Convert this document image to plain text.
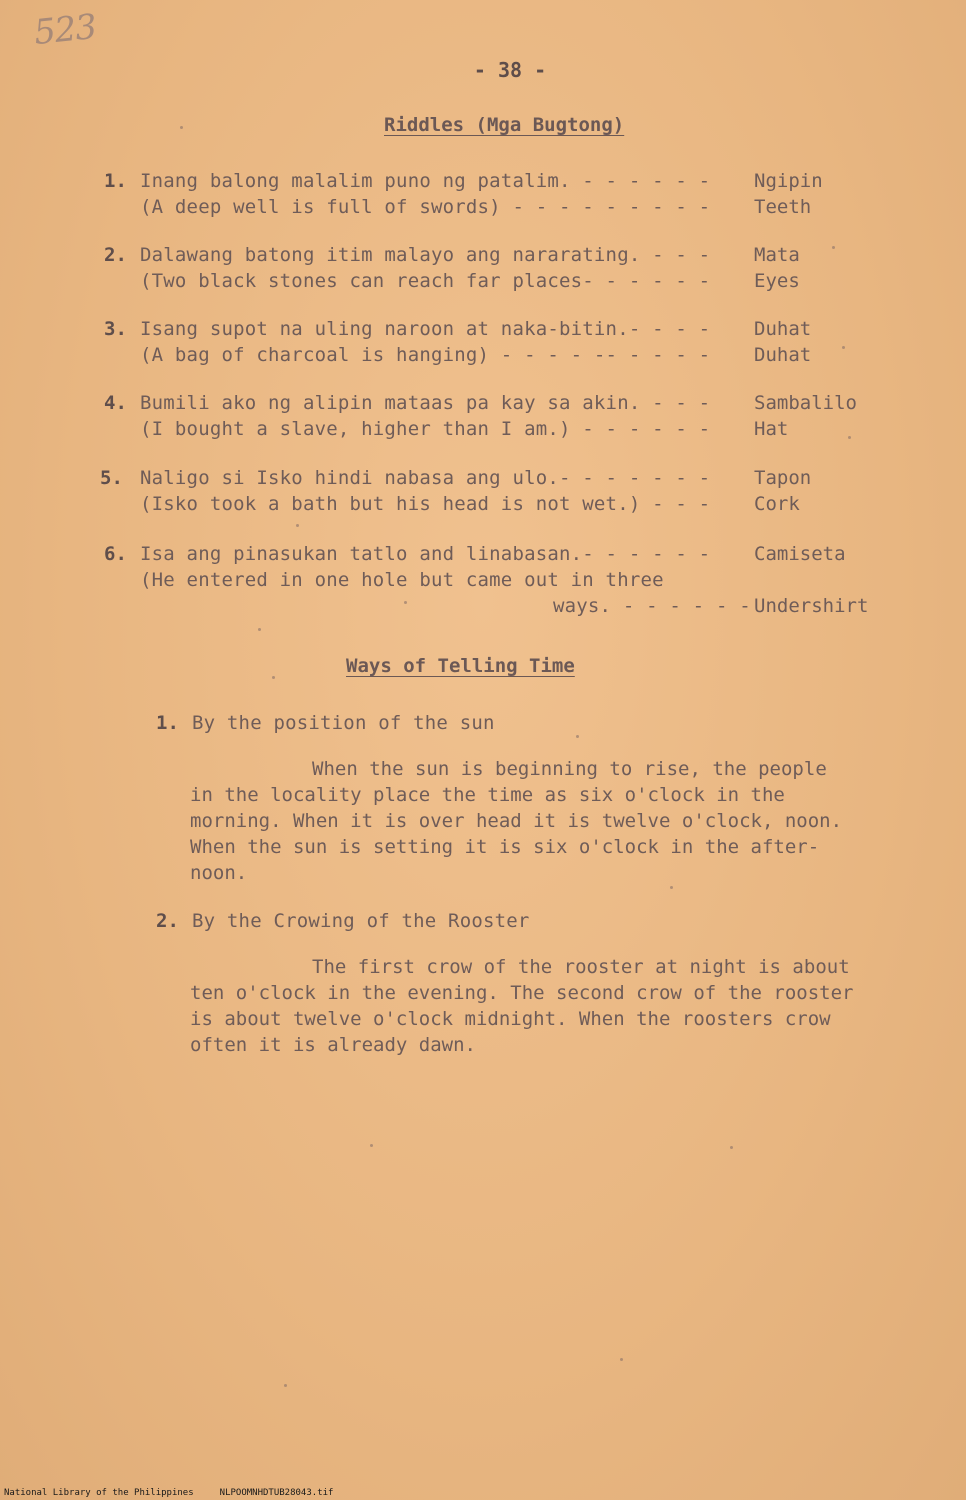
523
- 38 -
Riddles (Mga Bugtong)
1. Inang balong malalim puno ng patalim. - - - - - -
(A deep well is full of swords) - - - - - - - - -
Ngipin
Teeth
2. Dalawang batong itim malayo ang nararating. - - -
(Two black stones can reach far places- - - - - -
Mata
Eyes
3. Isang supot na uling naroon at naka-bitin.- - - -
(A bag of charcoal is hanging) - - - - -- - - - -
Duhat
Duhat
4. Bumili ako ng alipin mataas pa kay sa akin. - - -
(I bought a slave, higher than I am.) - - - - - -
Sambalilo
Hat
5. Naligo si Isko hindi nabasa ang ulo.- - - - - - -
(Isko took a bath but his head is not wet.) - - -
Tapon
Cork
6. Isa ang pinasukan tatlo and linabasan.- - - - - -
(He entered in one hole but came out in three
ways. - - - - - -
Camiseta
Undershirt
Ways of Telling Time
1. By the position of the sun
When the sun is beginning to rise, the people
in the locality place the time as six o'clock in the
morning. When it is over head it is twelve o'clock, noon.
When the sun is setting it is six o'clock in the after-
noon.
2. By the Crowing of the Rooster
The first crow of the rooster at night is about
ten o'clock in the evening. The second crow of the rooster
is about twelve o'clock midnight. When the roosters crow
often it is already dawn.
National Library of the Philippines	NLPOOMNHDTUB28043.tif
